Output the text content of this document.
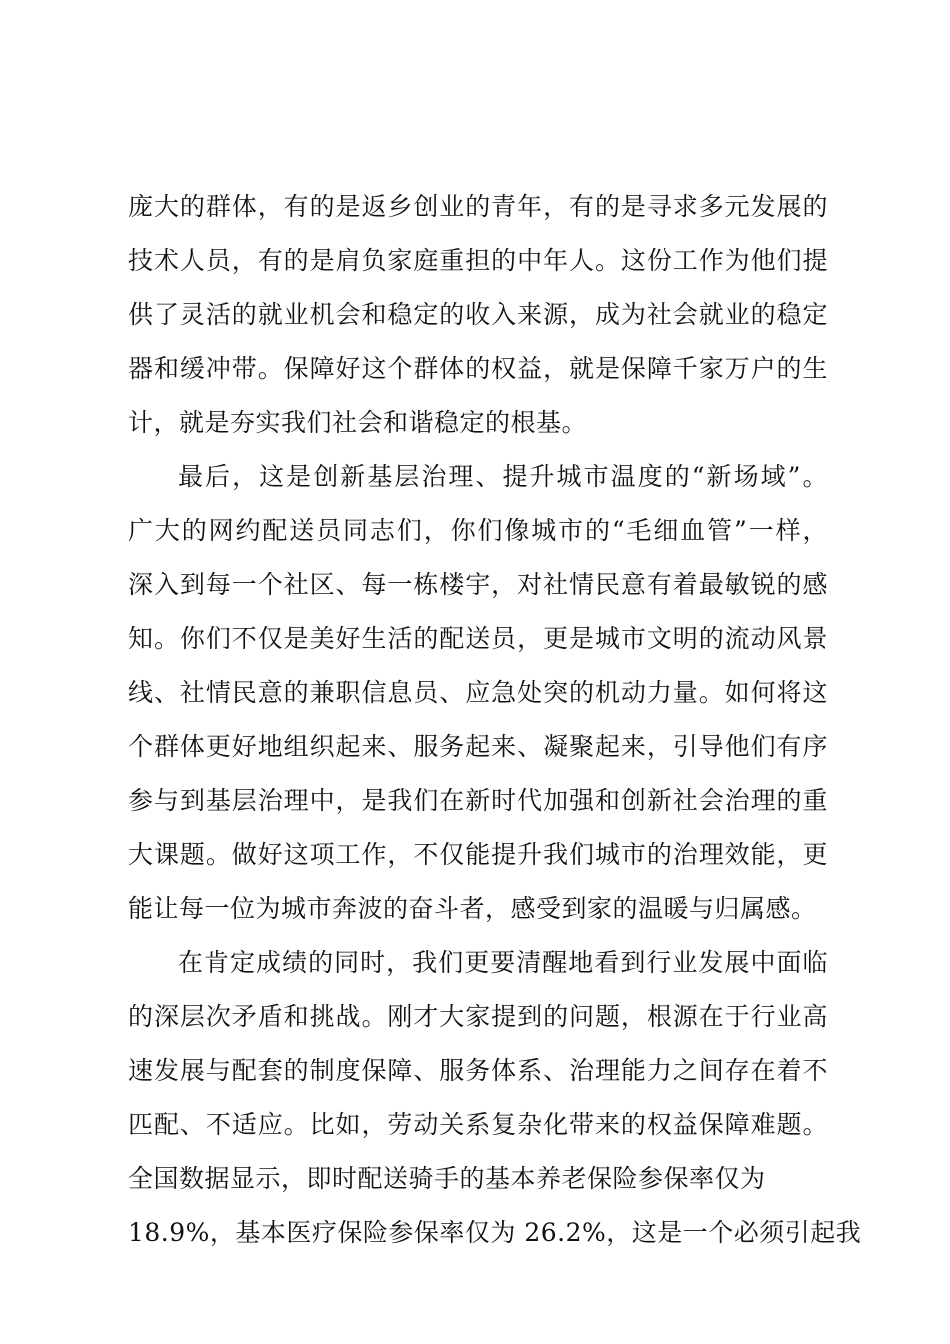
庞大的群体，有的是返乡创业的青年，有的是寻求多元发展的
技术人员，有的是肩负家庭重担的中年人。这份工作为他们提
供了灵活的就业机会和稳定的收入来源，成为社会就业的稳定
器和缓冲带。保障好这个群体的权益，就是保障千家万户的生
计，就是夯实我们社会和谐稳定的根基。
最后，这是创新基层治理、提升城市温度的“新场域”。
广大的网约配送员同志们，你们像城市的“毛细血管”一样，
深入到每一个社区、每一栋楼宇，对社情民意有着最敏锐的感
知。你们不仅是美好生活的配送员，更是城市文明的流动风景
线、社情民意的兼职信息员、应急处突的机动力量。如何将这
个群体更好地组织起来、服务起来、凝聚起来，引导他们有序
参与到基层治理中，是我们在新时代加强和创新社会治理的重
大课题。做好这项工作，不仅能提升我们城市的治理效能，更
能让每一位为城市奔波的奋斗者，感受到家的温暖与归属感。
在肯定成绩的同时，我们更要清醒地看到行业发展中面临
的深层次矛盾和挑战。刚才大家提到的问题，根源在于行业高
速发展与配套的制度保障、服务体系、治理能力之间存在着不
匹配、不适应。比如，劳动关系复杂化带来的权益保障难题。
全国数据显示，即时配送骑手的基本养老保险参保率仅为
18.9%，基本医疗保险参保率仅为 26.2%，这是一个必须引起我
